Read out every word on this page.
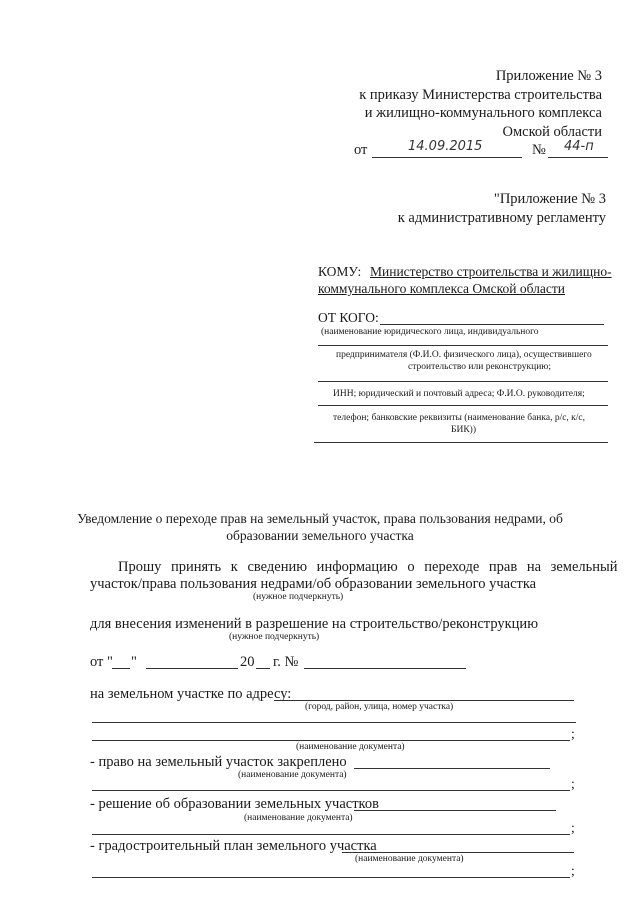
Приложение № 3
к приказу Министерства строительства
и жилищно-коммунального комплекса
Омской области
от	14.09.2015	№ 44-п
"Приложение № 3
к административному регламенту
КОМУ: Министерство строительства и жилищно-
коммунального комплекса Омской области
ОТ КОГО:
(наименование юридического лица, индивидуального
предпринимателя (Ф.И.О. физического лица), осуществившего
строительство или реконструкцию;
ИНН; юридический и почтовый адреса; Ф.И.О. руководителя;
телефон; банковские реквизиты (наименование банка, р/с, к/с,
БИК))
Уведомление о переходе прав на земельный участок, права пользования недрами, об
образовании земельного участка
Прошу принять к сведению информацию о переходе прав на земельный
участок/права пользования недрами/об образовании земельного участка
(нужное подчеркнуть)
для внесения изменений в разрешение на строительство/реконструкцию
(нужное подчеркнуть)
от " "	20 г. №
на земельном участке по адресу:
(город, район, улица, номер участка)
;
(наименование документа)
- право на земельный участок закреплено
(наименование документа)
;
- решение об образовании земельных участков
(наименование документа)
;
- градостроительный план земельного участка
(наименование документа)
;
